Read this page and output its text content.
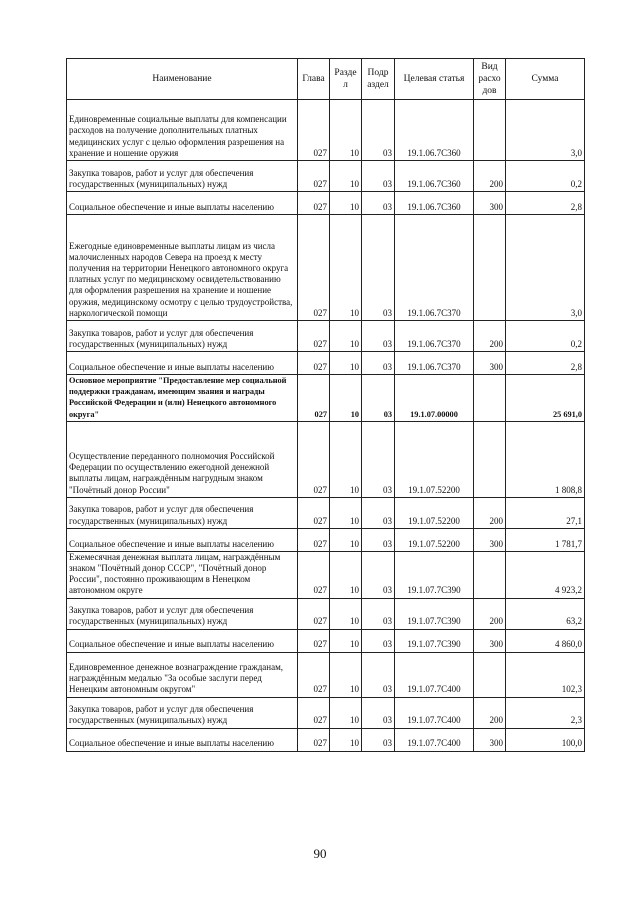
Наименование	Глава	Разде л	Подр аздел	Целевая статья	Вид расхо дов	Сумма
Единовременные социальные выплаты для компенсации расходов на получение дополнительных платных медицинских услуг с целью оформления разрешения на хранение и ношение оружия	027	10	03	19.1.06.7С360		3,0
Закупка товаров, работ и услуг для обеспечения государственных (муниципальных) нужд	027	10	03	19.1.06.7С360	200	0,2
Социальное обеспечение и иные выплаты населению	027	10	03	19.1.06.7С360	300	2,8
Ежегодные единовременные выплаты лицам из числа малочисленных народов Севера на проезд к месту получения на территории Ненецкого автономного округа платных услуг по медицинскому освидетельствованию для оформления разрешения на хранение и ношение оружия, медицинскому осмотру с целью трудоустройства, наркологической помощи	027	10	03	19.1.06.7С370		3,0
Закупка товаров, работ и услуг для обеспечения государственных (муниципальных) нужд	027	10	03	19.1.06.7С370	200	0,2
Социальное обеспечение и иные выплаты населению	027	10	03	19.1.06.7С370	300	2,8
Основное мероприятие "Предоставление мер социальной поддержки гражданам, имеющим звания и награды Российской Федерации и (или) Ненецкого автономного округа"	027	10	03	19.1.07.00000		25 691,0
Осуществление переданного полномочия Российской Федерации по осуществлению ежегодной денежной выплаты лицам, награждённым нагрудным знаком "Почётный донор России"	027	10	03	19.1.07.52200		1 808,8
Закупка товаров, работ и услуг для обеспечения государственных (муниципальных) нужд	027	10	03	19.1.07.52200	200	27,1
Социальное обеспечение и иные выплаты населению	027	10	03	19.1.07.52200	300	1 781,7
Ежемесячная денежная выплата лицам, награждённым знаком "Почётный донор СССР", "Почётный донор России", постоянно проживающим в Ненецком автономном округе	027	10	03	19.1.07.7С390		4 923,2
Закупка товаров, работ и услуг для обеспечения государственных (муниципальных) нужд	027	10	03	19.1.07.7С390	200	63,2
Социальное обеспечение и иные выплаты населению	027	10	03	19.1.07.7С390	300	4 860,0
Единовременное денежное вознаграждение гражданам, награждённым медалью "За особые заслуги перед Ненецким автономным округом"	027	10	03	19.1.07.7С400		102,3
Закупка товаров, работ и услуг для обеспечения государственных (муниципальных) нужд	027	10	03	19.1.07.7С400	200	2,3
Социальное обеспечение и иные выплаты населению	027	10	03	19.1.07.7С400	300	100,0
90
